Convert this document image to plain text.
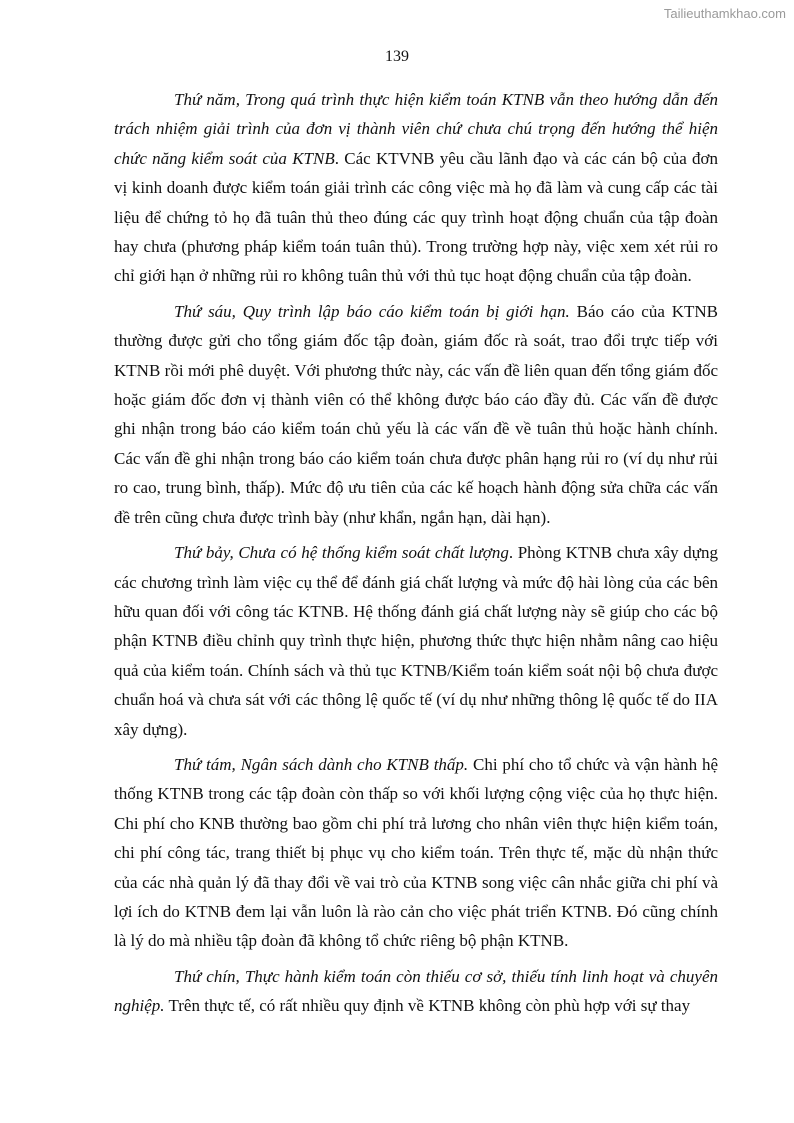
Tailieuthamkhao.com
139

Thứ năm, Trong quá trình thực hiện kiểm toán KTNB vẫn theo hướng dẫn đến trách nhiệm giải trình của đơn vị thành viên chứ chưa chú trọng đến hướng thể hiện chức năng kiểm soát của KTNB. Các KTVNB yêu cầu lãnh đạo và các cán bộ của đơn vị kinh doanh được kiểm toán giải trình các công việc mà họ đã làm và cung cấp các tài liệu để chứng tỏ họ đã tuân thủ theo đúng các quy trình hoạt động chuẩn của tập đoàn hay chưa (phương pháp kiểm toán tuân thủ). Trong trường hợp này, việc xem xét rủi ro chỉ giới hạn ở những rủi ro không tuân thủ với thủ tục hoạt động chuẩn của tập đoàn.

Thứ sáu, Quy trình lập báo cáo kiểm toán bị giới hạn. Báo cáo của KTNB thường được gửi cho tổng giám đốc tập đoàn, giám đốc rà soát, trao đổi trực tiếp với KTNB rồi mới phê duyệt. Với phương thức này, các vấn đề liên quan đến tổng giám đốc hoặc giám đốc đơn vị thành viên có thể không được báo cáo đầy đủ. Các vấn đề được ghi nhận trong báo cáo kiểm toán chủ yếu là các vấn đề về tuân thủ hoặc hành chính. Các vấn đề ghi nhận trong báo cáo kiểm toán chưa được phân hạng rủi ro (ví dụ như rủi ro cao, trung bình, thấp). Mức độ ưu tiên của các kế hoạch hành động sửa chữa các vấn đề trên cũng chưa được trình bày (như khẩn, ngắn hạn, dài hạn).

Thứ bảy, Chưa có hệ thống kiểm soát chất lượng. Phòng KTNB chưa xây dựng các chương trình làm việc cụ thể để đánh giá chất lượng và mức độ hài lòng của các bên hữu quan đối với công tác KTNB. Hệ thống đánh giá chất lượng này sẽ giúp cho các bộ phận KTNB điều chỉnh quy trình thực hiện, phương thức thực hiện nhằm nâng cao hiệu quả của kiểm toán. Chính sách và thủ tục KTNB/Kiểm toán kiểm soát nội bộ chưa được chuẩn hoá và chưa sát với các thông lệ quốc tế (ví dụ như những thông lệ quốc tế do IIA xây dựng).

Thứ tám, Ngân sách dành cho KTNB thấp. Chi phí cho tổ chức và vận hành hệ thống KTNB trong các tập đoàn còn thấp so với khối lượng cộng việc của họ thực hiện. Chi phí cho KNB thường bao gồm chi phí trả lương cho nhân viên thực hiện kiểm toán, chi phí công tác, trang thiết bị phục vụ cho kiểm toán. Trên thực tế, mặc dù nhận thức của các nhà quản lý đã thay đổi về vai trò của KTNB song việc cân nhắc giữa chi phí và lợi ích do KTNB đem lại vẫn luôn là rào cản cho việc phát triển KTNB. Đó cũng chính là lý do mà nhiều tập đoàn đã không tổ chức riêng bộ phận KTNB.

Thứ chín, Thực hành kiểm toán còn thiếu cơ sở, thiếu tính linh hoạt và chuyên nghiệp. Trên thực tế, có rất nhiều quy định về KTNB không còn phù hợp với sự thay
